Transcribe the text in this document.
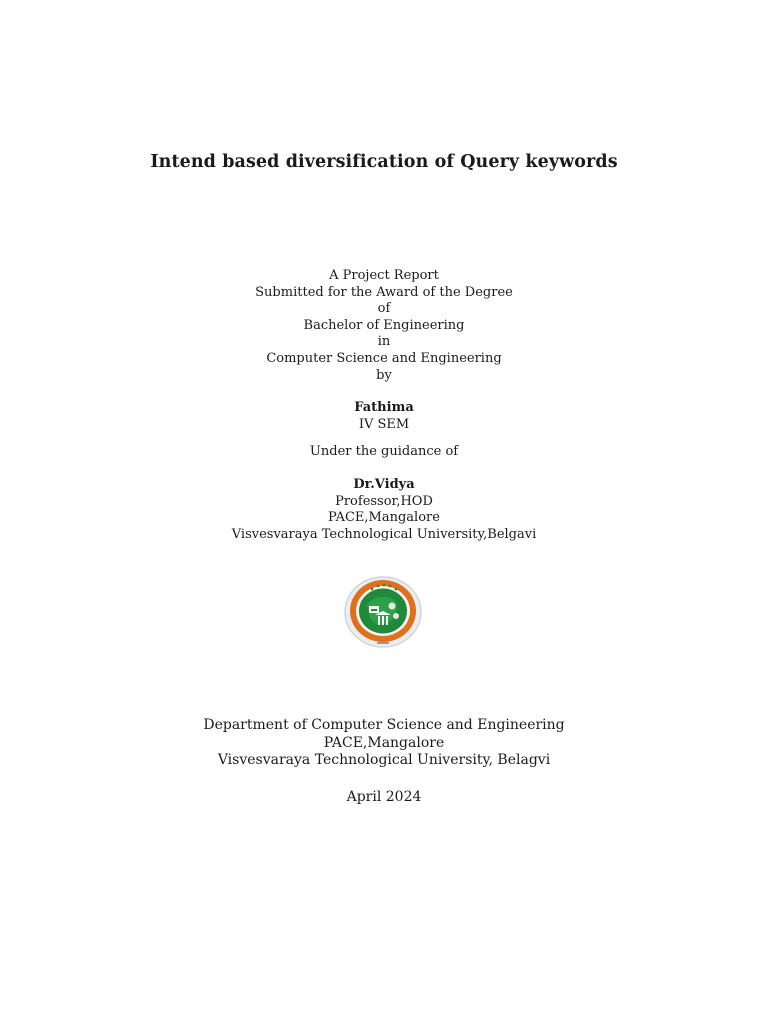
Intend based diversification of Query keywords
A Project Report
Submitted for the Award of the Degree
of
Bachelor of Engineering
in
Computer Science and Engineering
by
Fathima
IV SEM
Under the guidance of
Dr.Vidya
Professor,HOD
PACE,Mangalore
Visvesvaraya Technological University,Belgavi
Department of Computer Science and Engineering
PACE,Mangalore
Visvesvaraya Technological University, Belagvi
April 2024
